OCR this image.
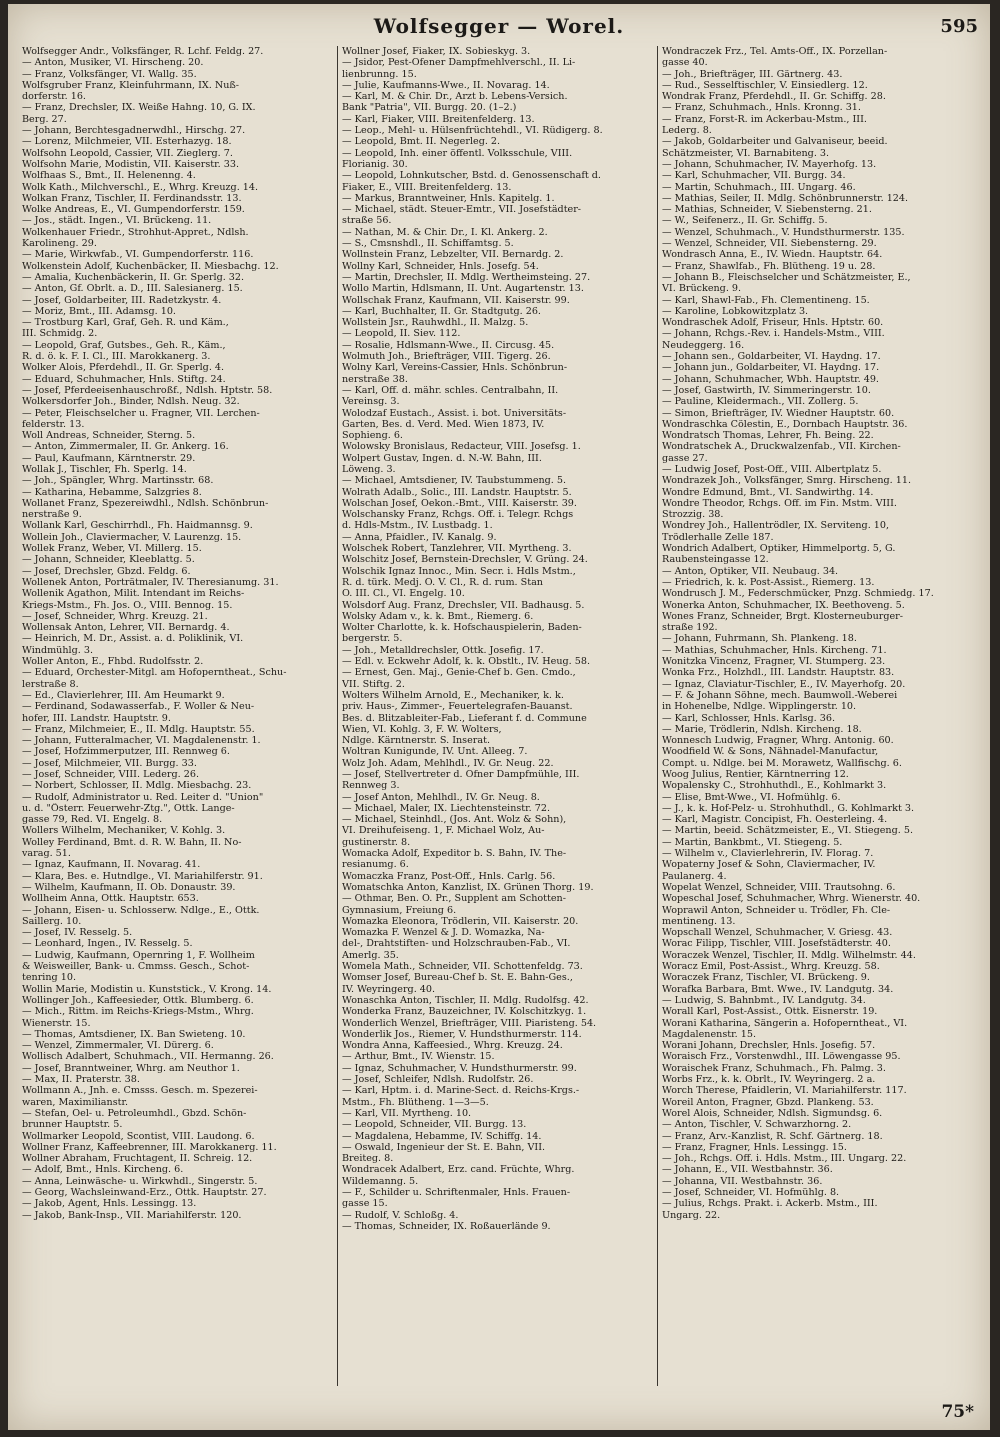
Wolfsegger — Worel.	595

Wolfsegger Andr., Volksfänger, R. Lchf. Feldg. 27.

— Anton, Musiker, VI. Hirscheng. 20.

— Franz, Volksfänger, VI. Wallg. 35.

Wolfsgruber Franz, Kleinfuhrmann, IX. Nuß-

dorferstr. 16.

— Franz, Drechsler, IX. Weiße Hahng. 10, G. IX.

Berg. 27.

— Johann, Berchtesgadnerwdhl., Hirschg. 27.

— Lorenz, Milchmeier, VII. Esterhazyg. 18.

Wolfsohn Leopold, Cassier, VII. Zieglerg. 7.

Wolfsohn Marie, Modistin, VII. Kaiserstr. 33.

Wolfhaas S., Bmt., II. Helenenng. 4.

Wolk Kath., Milchverschl., E., Whrg. Kreuzg. 14.

Wolkan Franz, Tischler, II. Ferdinandsstr. 13.

Wolke Andreas, E., VI. Gumpendorferstr. 159.

— Jos., städt. Ingen., VI. Brückeng. 11.

Wolkenhauer Friedr., Strohhut-Appret., Ndlsh.

Karolineng. 29.

— Marie, Wirkwfab., VI. Gumpendorferstr. 116.

Wolkenstein Adolf, Kuchenbäcker, II. Miesbachg. 12.

— Amalia, Kuchenbäckerin, II. Gr. Sperlg. 32.

— Anton, Gf. Obrlt. a. D., III. Salesianerg. 15.

— Josef, Goldarbeiter, III. Radetzkystr. 4.

— Moriz, Bmt., III. Adamsg. 10.

— Trostburg Karl, Graf, Geh. R. und Käm.,

III. Schmidg. 2.

— Leopold, Graf, Gutsbes., Geh. R., Käm.,

R. d. ö. k. F. I. Cl., III. Marokkanerg. 3.

Wolker Alois, Pferdehdl., II. Gr. Sperlg. 4.

— Eduard, Schuhmacher, Hnls. Stiftg. 24.

— Josef, Pferdeeisenhauschroßf., Ndlsh. Hptstr. 58.

Wolkersdorfer Joh., Binder, Ndlsh. Neug. 32.

— Peter, Fleischselcher u. Fragner, VII. Lerchen-

felderstr. 13.

Woll Andreas, Schneider, Sterng. 5.

— Anton, Zimmermaler, II. Gr. Ankerg. 16.

— Paul, Kaufmann, Kärntnerstr. 29.

Wollak J., Tischler, Fh. Sperlg. 14.

— Joh., Spängler, Whrg. Martinsstr. 68.

— Katharina, Hebamme, Salzgries 8.

Wollanet Franz, Spezereiwdhl., Ndlsh. Schönbrun-

nerstraße 9.

Wollank Karl, Geschirrhdl., Fh. Haidmannsg. 9.

Wollein Joh., Claviermacher, V. Laurenzg. 15.

Wollek Franz, Weber, VI. Millerg. 15.

— Johann, Schneider, Kleeblattg. 5.

— Josef, Drechsler, Gbzd. Feldg. 6.

Wollenek Anton, Porträtmaler, IV. Theresianumg. 31.

Wollenik Agathon, Milit. Intendant im Reichs-

Kriegs-Mstm., Fh. Jos. O., VIII. Bennog. 15.

— Josef, Schneider, Whrg. Kreuzg. 21.

Wollensak Anton, Lehrer, VII. Bernardg. 4.

— Heinrich, M. Dr., Assist. a. d. Poliklinik, VI.

Windmühlg. 3.

Woller Anton, E., Fhbd. Rudolfsstr. 2.

— Eduard, Orchester-Mitgl. am Hofoperntheat., Schu-

lerstraße 8.

— Ed., Clavierlehrer, III. Am Heumarkt 9.

— Ferdinand, Sodawasserfab., F. Woller & Neu-

hofer, III. Landstr. Hauptstr. 9.

— Franz, Milchmeier, E., II. Mdlg. Hauptstr. 55.

— Johann, Futteralmacher, VI. Magdalenenstr. 1.

— Josef, Hofzimmerputzer, III. Rennweg 6.

— Josef, Milchmeier, VII. Burgg. 33.

— Josef, Schneider, VIII. Lederg. 26.

— Norbert, Schlosser, II. Mdlg. Miesbachg. 23.

— Rudolf, Administrator u. Red. Leiter d. "Union"

u. d. "Österr. Feuerwehr-Ztg.", Ottk. Lange-

gasse 79, Red. VI. Engelg. 8.

Wollers Wilhelm, Mechaniker, V. Kohlg. 3.

Wolley Ferdinand, Bmt. d. R. W. Bahn, II. No-

varag. 51.

— Ignaz, Kaufmann, II. Novarag. 41.

— Klara, Bes. e. Hutndlge., VI. Mariahilferstr. 91.

— Wilhelm, Kaufmann, II. Ob. Donaustr. 39.

Wollheim Anna, Ottk. Hauptstr. 653.

— Johann, Eisen- u. Schlosserw. Ndlge., E., Ottk.

Saillerg. 10.

— Josef, IV. Resselg. 5.

— Leonhard, Ingen., IV. Resselg. 5.

— Ludwig, Kaufmann, Opernring 1, F. Wollheim

& Weisweiller, Bank- u. Cmmss. Gesch., Schot-

tenring 10.

Wollin Marie, Modistin u. Kunststick., V. Krong. 14.

Wollinger Joh., Kaffeesieder, Ottk. Blumberg. 6.

— Mich., Rittm. im Reichs-Kriegs-Mstm., Whrg.

Wienerstr. 15.

— Thomas, Amtsdiener, IX. Ban Swieteng. 10.

— Wenzel, Zimmermaler, VI. Dürerg. 6.

Wollisch Adalbert, Schuhmach., VII. Hermanng. 26.

— Josef, Branntweiner, Whrg. am Neuthor 1.

— Max, II. Praterstr. 38.

Wollmann A., Jnh. e. Cmsss. Gesch. m. Spezerei-

waren, Maximilianstr.

— Stefan, Oel- u. Petroleumhdl., Gbzd. Schön-

brunner Hauptstr. 5.

Wollmarker Leopold, Scontist, VIII. Laudong. 6.

Wollner Franz, Kaffeebrenner, III. Marokkanerg. 11.

Wollner Abraham, Fruchtagent, II. Schreig. 12.

— Adolf, Bmt., Hnls. Kircheng. 6.

— Anna, Leinwäsche- u. Wirkwhdl., Singerstr. 5.

— Georg, Wachsleinwand-Erz., Ottk. Hauptstr. 27.

— Jakob, Agent, Hnls. Lessingg. 13.

— Jakob, Bank-Insp., VII. Mariahilferstr. 120.

Wollner Josef, Fiaker, IX. Sobieskyg. 3.

— Jsidor, Pest-Ofener Dampfmehlverschl., II. Li-

lienbrunng. 15.

— Julie, Kaufmanns-Wwe., II. Novarag. 14.

— Karl, M. & Chir. Dr., Arzt b. Lebens-Versich.

Bank "Patria", VII. Burgg. 20. (1–2.)

— Karl, Fiaker, VIII. Breitenfelderg. 13.

— Leop., Mehl- u. Hülsenfrüchtehdl., VI. Rüdigerg. 8.

— Leopold, Bmt. II. Negerleg. 2.

— Leopold, Inh. einer öffentl. Volksschule, VIII.

Florianig. 30.

— Leopold, Lohnkutscher, Bstd. d. Genossenschaft d.

Fiaker, E., VIII. Breitenfelderg. 13.

— Markus, Branntweiner, Hnls. Kapitelg. 1.

— Michael, städt. Steuer-Emtr., VII. Josefstädter-

straße 56.

— Nathan, M. & Chir. Dr., I. Kl. Ankerg. 2.

— S., Cmsnshdl., II. Schiffamtsg. 5.

Wollnstein Franz, Lebzelter, VII. Bernardg. 2.

Wollny Karl, Schneider, Hnls. Josefg. 54.

— Martin, Drechsler, II. Mdlg. Wertheimsteing. 27.

Wollo Martin, Hdlsmann, II. Unt. Augartenstr. 13.

Wollschak Franz, Kaufmann, VII. Kaiserstr. 99.

— Karl, Buchhalter, II. Gr. Stadtgutg. 26.

Wollstein Jsr., Rauhwdhl., II. Malzg. 5.

— Leopold, II. Siev. 112.

— Rosalie, Hdlsmann-Wwe., II. Circusg. 45.

Wolmuth Joh., Briefträger, VIII. Tigerg. 26.

Wolny Karl, Vereins-Cassier, Hnls. Schönbrun-

nerstraße 38.

— Karl, Off. d. mähr. schles. Centralbahn, II.

Vereinsg. 3.

Wolodzaf Eustach., Assist. i. bot. Universitäts-

Garten, Bes. d. Verd. Med. Wien 1873, IV.

Sophieng. 6.

Wolowsky Bronislaus, Redacteur, VIII. Josefsg. 1.

Wolpert Gustav, Ingen. d. N.-W. Bahn, III.

Löweng. 3.

— Michael, Amtsdiener, IV. Taubstummeng. 5.

Wolrath Adalb., Solic., III. Landstr. Hauptstr. 5.

Wolschan Josef, Oekon.-Bmt., VIII. Kaiserstr. 39.

Wolschansky Franz, Rchgs. Off. i. Telegr. Rchgs

d. Hdls-Mstm., IV. Lustbadg. 1.

— Anna, Pfaidler., IV. Kanalg. 9.

Wolschek Robert, Tanzlehrer, VII. Myrtheng. 3.

Wolschitz Josef, Bernstein-Drechsler, V. Grüng. 24.

Wolschik Ignaz Innoc., Min. Secr. i. Hdls Mstm.,

R. d. türk. Medj. O. V. Cl., R. d. rum. Stan

O. III. Cl., VI. Engelg. 10.

Wolsdorf Aug. Franz, Drechsler, VII. Badhausg. 5.

Wolsky Adam v., k. k. Bmt., Riemerg. 6.

Wolter Charlotte, k. k. Hofschauspielerin, Baden-

bergerstr. 5.

— Joh., Metalldrechsler, Ottk. Josefig. 17.

— Edl. v. Eckwehr Adolf, k. k. Obstlt., IV. Heug. 58.

— Ernest, Gen. Maj., Genie-Chef b. Gen. Cmdo.,

VII. Stiftg. 2.

Wolters Wilhelm Arnold, E., Mechaniker, k. k.

priv. Haus-, Zimmer-, Feuertelegrafen-Bauanst.

Bes. d. Blitzableiter-Fab., Lieferant f. d. Commune

Wien, VI. Kohlg. 3, F. W. Wolters,

Ndlge. Kärntnerstr. S. Inserat.

Woltran Kunigunde, IV. Unt. Alleeg. 7.

Wolz Joh. Adam, Mehlhdl., IV. Gr. Neug. 22.

— Josef, Stellvertreter d. Ofner Dampfmühle, III.

Rennweg 3.

— Josef Anton, Mehlhdl., IV. Gr. Neug. 8.

— Michael, Maler, IX. Liechtensteinstr. 72.

— Michael, Steinhdl., (Jos. Ant. Wolz & Sohn),

VI. Dreihufeiseng. 1, F. Michael Wolz, Au-

gustinerstr. 8.

Womacka Adolf, Expeditor b. S. Bahn, IV. The-

resianumg. 6.

Womaczka Franz, Post-Off., Hnls. Carlg. 56.

Womatschka Anton, Kanzlist, IX. Grünen Thorg. 19.

— Othmar, Ben. O. Pr., Supplent am Schotten-

Gymnasium, Freiung 6.

Womazka Eleonora, Trödlerin, VII. Kaiserstr. 20.

Womazka F. Wenzel & J. D. Womazka, Na-

del-, Drahtstiften- und Holzschrauben-Fab., VI.

Amerlg. 35.

Womela Math., Schneider, VII. Schottenfeldg. 73.

Womser Josef, Bureau-Chef b. St. E. Bahn-Ges.,

IV. Weyringerg. 40.

Wonaschka Anton, Tischler, II. Mdlg. Rudolfsg. 42.

Wonderka Franz, Bauzeichner, IV. Kolschitzkyg. 1.

Wonderlich Wenzel, Briefträger, VIII. Piaristeng. 54.

Wonderlik Jos., Riemer, V. Hundsthurmerstr. 114.

Wondra Anna, Kaffeesied., Whrg. Kreuzg. 24.

— Arthur, Bmt., IV. Wienstr. 15.

— Ignaz, Schuhmacher, V. Hundsthurmerstr. 99.

— Josef, Schleifer, Ndlsh. Rudolfstr. 26.

— Karl, Hptm. i. d. Marine-Sect. d. Reichs-Krgs.-

Mstm., Fh. Blütheng. 1—3—5.

— Karl, VII. Myrtheng. 10.

— Leopold, Schneider, VII. Burgg. 13.

— Magdalena, Hebamme, IV. Schiffg. 14.

— Oswald, Ingenieur der St. E. Bahn, VII.

Breiteg. 8.

Wondracek Adalbert, Erz. cand. Früchte, Whrg.

Wildemanng. 5.

— F., Schilder u. Schriftenmaler, Hnls. Frauen-

gasse 15.

— Rudolf, V. Schloßg. 4.

— Thomas, Schneider, IX. Roßauerlände 9.

Wondraczek Frz., Tel. Amts-Off., IX. Porzellan-

gasse 40.

— Joh., Briefträger, III. Gärtnerg. 43.

— Rud., Sesselftischler, V. Einsiedlerg. 12.

Wondrak Franz, Pferdehdl., II. Gr. Schiffg. 28.

— Franz, Schuhmach., Hnls. Kronng. 31.

— Franz, Forst-R. im Ackerbau-Mstm., III.

Lederg. 8.

— Jakob, Goldarbeiter und Galvaniseur, beeid.

Schätzmeister, VI. Barnabiteng. 3.

— Johann, Schuhmacher, IV. Mayerhofg. 13.

— Karl, Schuhmacher, VII. Burgg. 34.

— Martin, Schuhmach., III. Ungarg. 46.

— Mathias, Seiler, II. Mdlg. Schönbrunnerstr. 124.

— Mathias, Schneider, V. Siebensterng. 21.

— W., Seifenerz., II. Gr. Schiffg. 5.

— Wenzel, Schuhmach., V. Hundsthurmerstr. 135.

— Wenzel, Schneider, VII. Siebensterng. 29.

Wondrasch Anna, E., IV. Wiedn. Hauptstr. 64.

— Franz, Shawlfab., Fh. Blütheng. 19 u. 28.

— Johann B., Fleischselcher und Schätzmeister, E.,

VI. Brückeng. 9.

— Karl, Shawl-Fab., Fh. Clementineng. 15.

— Karoline, Lobkowitzplatz 3.

Wondraschek Adolf, Friseur, Hnls. Hptstr. 60.

— Johann, Rchgs.-Rev. i. Handels-Mstm., VIII.

Neudeggerg. 16.

— Johann sen., Goldarbeiter, VI. Haydng. 17.

— Johann jun., Goldarbeiter, VI. Haydng. 17.

— Johann, Schuhmacher, Wbh. Hauptstr. 49.

— Josef, Gastwirth, IV. Simmeringerstr. 10.

— Pauline, Kleidermach., VII. Zollerg. 5.

— Simon, Briefträger, IV. Wiedner Hauptstr. 60.

Wondraschka Cölestin, E., Dornbach Hauptstr. 36.

Wondratsch Thomas, Lehrer, Fh. Being. 22.

Wondratschek A., Druckwalzenfab., VII. Kirchen-

gasse 27.

— Ludwig Josef, Post-Off., VIII. Albertplatz 5.

Wondrazek Joh., Volksfänger, Smrg. Hirscheng. 11.

Wondre Edmund, Bmt., VI. Sandwirthg. 14.

Wondre Theodor, Rchgs. Off. im Fin. Mstm. VIII.

Strozzig. 38.

Wondrey Joh., Hallentrödler, IX. Serviteng. 10,

Trödlerhalle Zelle 187.

Wondrich Adalbert, Optiker, Himmelportg. 5, G.

Raubensteingasse 12.

— Anton, Optiker, VII. Neubaug. 34.

— Friedrich, k. k. Post-Assist., Riemerg. 13.

Wondrusch J. M., Federschmücker, Pnzg. Schmiedg. 17.

Wonerka Anton, Schuhmacher, IX. Beethoveng. 5.

Wones Franz, Schneider, Brgt. Klosterneuburger-

straße 192.

— Johann, Fuhrmann, Sh. Plankeng. 18.

— Mathias, Schuhmacher, Hnls. Kircheng. 71.

Wonitzka Vincenz, Fragner, VI. Stumperg. 23.

Wonka Frz., Holzhdl., III. Landstr. Hauptstr. 83.

— Ignaz, Claviatur-Tischler, E., IV. Mayerhofg. 20.

— F. & Johann Söhne, mech. Baumwoll.-Weberei

in Hohenelbe, Ndlge. Wipplingerstr. 10.

— Karl, Schlosser, Hnls. Karlsg. 36.

— Marie, Trödlerin, Ndlsh. Kircheng. 18.

Wonnesch Ludwig, Fragner, Whrg. Antonig. 60.

Woodfield W. & Sons, Nähnadel-Manufactur,

Compt. u. Ndlge. bei M. Morawetz, Wallfischg. 6.

Woog Julius, Rentier, Kärntnerring 12.

Wopalensky C., Strohhuthdl., E., Kohlmarkt 3.

— Elise, Bmt-Wwe., VI. Hofmühlg. 6.

— J., k. k. Hof-Pelz- u. Strohhuthdl., G. Kohlmarkt 3.

— Karl, Magistr. Concipist, Fh. Oesterleing. 4.

— Martin, beeid. Schätzmeister, E., VI. Stiegeng. 5.

— Martin, Bankbmt., VI. Stiegeng. 5.

— Wilhelm v., Clavierlehrerin, IV. Florag. 7.

Wopaterny Josef & Sohn, Claviermacher, IV.

Paulanerg. 4.

Wopelat Wenzel, Schneider, VIII. Trautsohng. 6.

Wopeschal Josef, Schuhmacher, Whrg. Wienerstr. 40.

Woprawil Anton, Schneider u. Trödler, Fh. Cle-

mentineng. 13.

Wopschall Wenzel, Schuhmacher, V. Griesg. 43.

Worac Filipp, Tischler, VIII. Josefstädterstr. 40.

Woraczek Wenzel, Tischler, II. Mdlg. Wilhelmstr. 44.

Woracz Emil, Post-Assist., Whrg. Kreuzg. 58.

Woraczek Franz, Tischler, VI. Brückeng. 9.

Worafka Barbara, Bmt. Wwe., IV. Landgutg. 34.

— Ludwig, S. Bahnbmt., IV. Landgutg. 34.

Worall Karl, Post-Assist., Ottk. Eisnerstr. 19.

Worani Katharina, Sängerin a. Hofoperntheat., VI.

Magdalenenstr. 15.

Worani Johann, Drechsler, Hnls. Josefig. 57.

Woraisch Frz., Vorstenwdhl., III. Löwengasse 95.

Woraischek Franz, Schuhmach., Fh. Palmg. 3.

Worbs Frz., k. k. Obrlt., IV. Weyringerg. 2 a.

Worch Therese, Pfaidlerin, VI. Mariahilferstr. 117.

Woreil Anton, Fragner, Gbzd. Plankeng. 53.

Worel Alois, Schneider, Ndlsh. Sigmundsg. 6.

— Anton, Tischler, V. Schwarzhorng. 2.

— Franz, Arv.-Kanzlist, R. Schf. Gärtnerg. 18.

— Franz, Fragner, Hnls. Lessingg. 15.

— Joh., Rchgs. Off. i. Hdls. Mstm., III. Ungarg. 22.

— Johann, E., VII. Westbahnstr. 36.

— Johanna, VII. Westbahnstr. 36.

— Josef, Schneider, VI. Hofmühlg. 8.

— Julius, Rchgs. Prakt. i. Ackerb. Mstm., III.

Ungarg. 22.

75*
